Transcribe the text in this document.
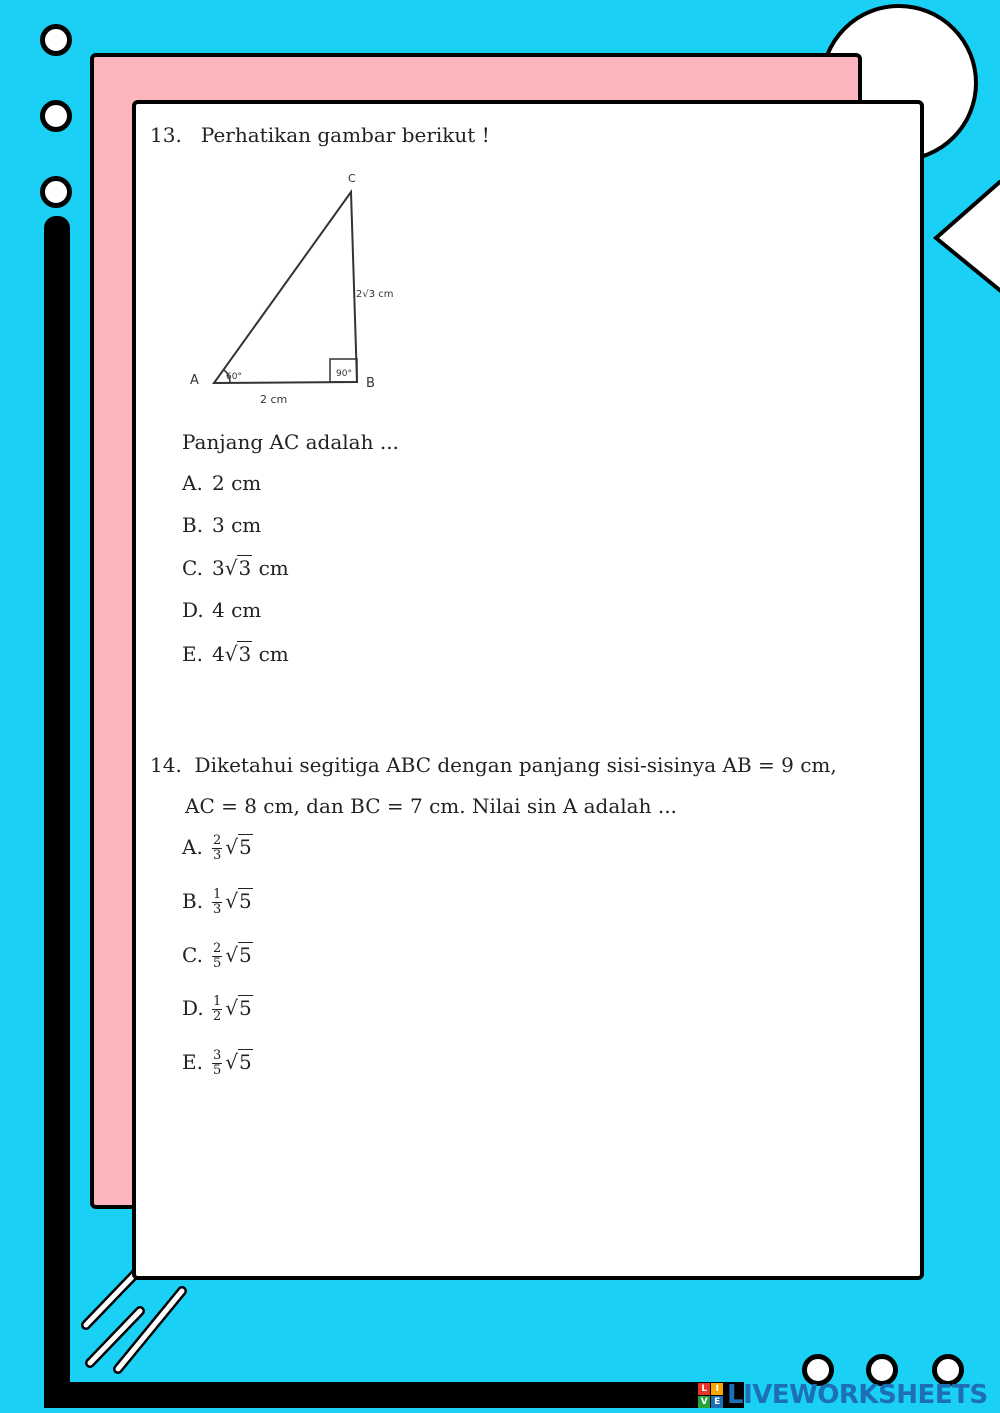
13. Perhatikan gambar berikut !
C
A	B
2 cm
2√3 cm
60°	90°
Panjang AC adalah ...
A. 2 cm
B. 3 cm
C. 3√3 cm
D. 4 cm
E. 4√3 cm
14. Diketahui segitiga ABC dengan panjang sisi-sisinya AB = 9 cm,
AC = 8 cm, dan BC = 7 cm. Nilai sin A adalah ...
A. $\frac{2}{3} √5$
B. $\frac{1}{3} √5$
C. $\frac{2}{5} √5$
D. $\frac{1}{2} √5$
E. $\frac{3}{5} √5$
L I
V E LIVEWORKSHEETS
